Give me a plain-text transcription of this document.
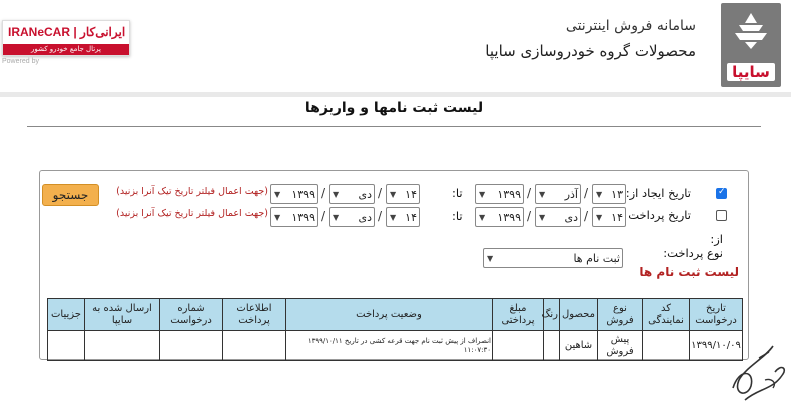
سایپا
سامانه فروش اینترنتی
محصولات گروه خودروسازی سایپا
IRANeCAR | ایرانی‌کار
پرتال جامع خودرو کشور
Powered by
لیست ثبت نامها و واریزها
✓
تاریخ ایجاد از:
▼ ۱۳
/
▼ آذر
/
▼ ۱۳۹۹
تا:
▼ ۱۴
/
▼ دی
/
▼ ۱۳۹۹
(جهت اعمال فیلتر تاریخ تیک آنرا بزنید)
جستجو
تاریخ پرداخت
از:
▼ ۱۴
/
▼ دی
/
▼ ۱۳۹۹
تا:
▼ ۱۴
/
▼ دی
/
▼ ۱۳۹۹
(جهت اعمال فیلتر تاریخ تیک آنرا بزنید)
نوع پرداخت:
▼	ثبت نام ها
لیست ثبت نام ها
تاریخ درخواست	کد نمایندگی	نوع فروش	محصول	رنگ	مبلغ پرداختی	وضعیت پرداخت	اطلاعات پرداخت	شماره درخواست	ارسال شده به سایپا	جزییات
۱۳۹۹/۱۰/۰۹		پیش فروش	شاهین			انصراف از پیش ثبت نام جهت قرعه کشی در تاریخ ۱۳۹۹/۱۰/۱۱ ۱۱:۰۷:۳۰				
